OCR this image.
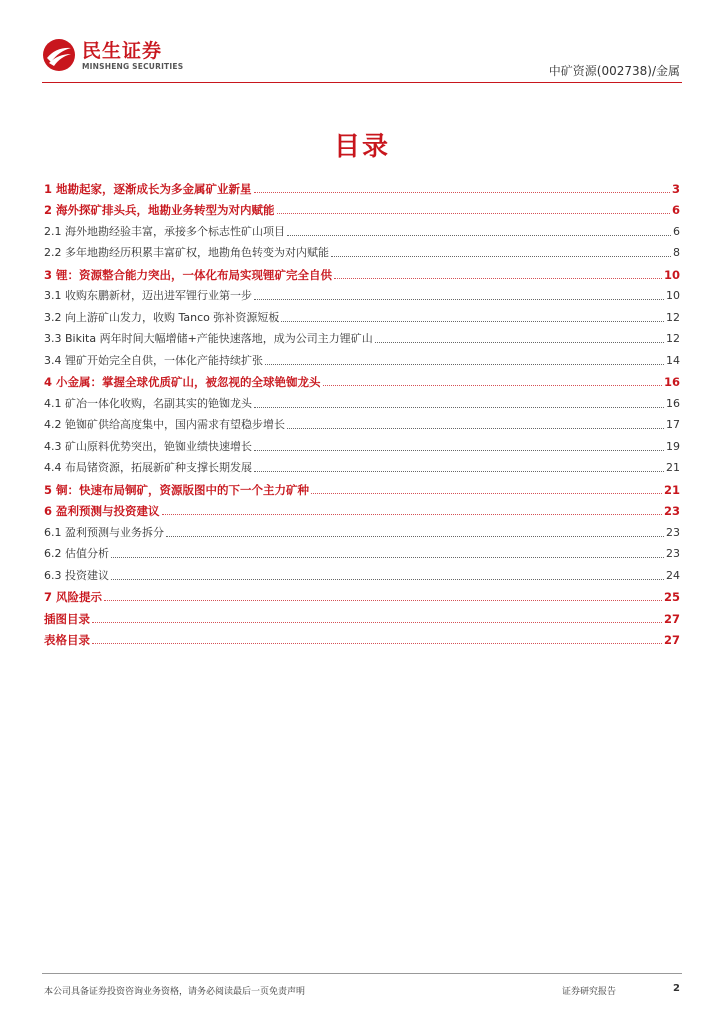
民生证券
MINSHENG SECURITIES	中矿资源(002738)/金属
目录
1 地勘起家，逐渐成长为多金属矿业新星	3
2 海外探矿排头兵，地勘业务转型为对内赋能	6
2.1 海外地勘经验丰富，承接多个标志性矿山项目	6
2.2 多年地勘经历积累丰富矿权，地勘角色转变为对内赋能	8
3 锂：资源整合能力突出，一体化布局实现锂矿完全自供	10
3.1 收购东鹏新材，迈出进军锂行业第一步	10
3.2 向上游矿山发力，收购 Tanco 弥补资源短板	12
3.3 Bikita 两年时间大幅增储+产能快速落地，成为公司主力锂矿山	12
3.4 锂矿开始完全自供，一体化产能持续扩张	14
4 小金属：掌握全球优质矿山，被忽视的全球铯铷龙头	16
4.1 矿冶一体化收购，名副其实的铯铷龙头	16
4.2 铯铷矿供给高度集中，国内需求有望稳步增长	17
4.3 矿山原料优势突出，铯铷业绩快速增长	19
4.4 布局锗资源，拓展新矿种支撑长期发展	21
5 铜：快速布局铜矿，资源版图中的下一个主力矿种	21
6 盈利预测与投资建议	23
6.1 盈利预测与业务拆分	23
6.2 估值分析	23
6.3 投资建议	24
7 风险提示	25
插图目录	27
表格目录	27
本公司具备证券投资咨询业务资格，请务必阅读最后一页免责声明	证券研究报告	2
